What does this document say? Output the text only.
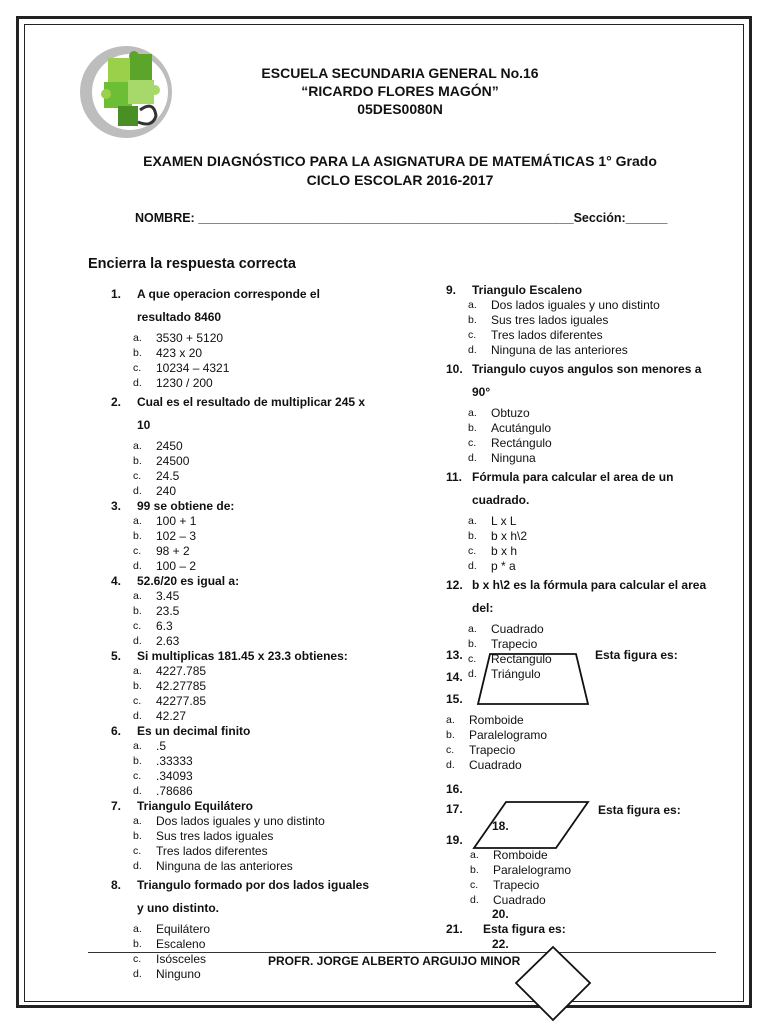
ESCUELA SECUNDARIA GENERAL No.16
“RICARDO FLORES MAGÓN”
05DES0080N
EXAMEN DIAGNÓSTICO PARA LA ASIGNATURA DE MATEMÁTICAS 1° Grado
CICLO ESCOLAR 2016-2017
NOMBRE: ______________________________________________________Sección:______
Encierra la respuesta correcta
1. A que operacion corresponde el
resultado 8460
a. 3530 + 5120
b. 423 x 20
c. 10234 – 4321
d. 1230 / 200
2. Cual es el resultado de multiplicar 245 x
10
a. 2450
b. 24500
c. 24.5
d. 240
3. 99 se obtiene de:
a. 100 + 1
b. 102 – 3
c. 98 + 2
d. 100 – 2
4. 52.6/20 es igual a:
a. 3.45
b. 23.5
c. 6.3
d. 2.63
5. Si multiplicas 181.45 x 23.3 obtienes:
a. 4227.785
b. 42.27785
c. 42277.85
d. 42.27
6. Es un decimal finito
a. .5
b. .33333
c. .34093
d. .78686
7. Triangulo Equilátero
a. Dos lados iguales y uno distinto
b. Sus tres lados iguales
c. Tres lados diferentes
d. Ninguna de las anteriores
8. Triangulo formado por dos lados iguales
y uno distinto.
a. Equilátero
b. Escaleno
c. Isósceles
d. Ninguno
9. Triangulo Escaleno
a. Dos lados iguales y uno distinto
b. Sus tres lados iguales
c. Tres lados diferentes
d. Ninguna de las anteriores
10. Triangulo cuyos angulos son menores a
90°
a. Obtuzo
b. Acutángulo
c. Rectángulo
d. Ninguna
11. Fórmula para calcular el area de un
cuadrado.
a. L x L
b. b x h\2
c. b x h
d. p * a
12. b x h\2 es la fórmula para calcular el area
del:
a. Cuadrado
b. Trapecio
c. Rectangulo
d. Triángulo
13.
14.
15.
Esta figura es:
a. Romboide
b. Paralelogramo
c. Trapecio
d. Cuadrado
16.
17.	Esta figura es:
18.
19.
a. Romboide
b. Paralelogramo
c. Trapecio
d. Cuadrado
20.
21. Esta figura es:
22.
PROFR. JORGE ALBERTO ARGUIJO MINOR
